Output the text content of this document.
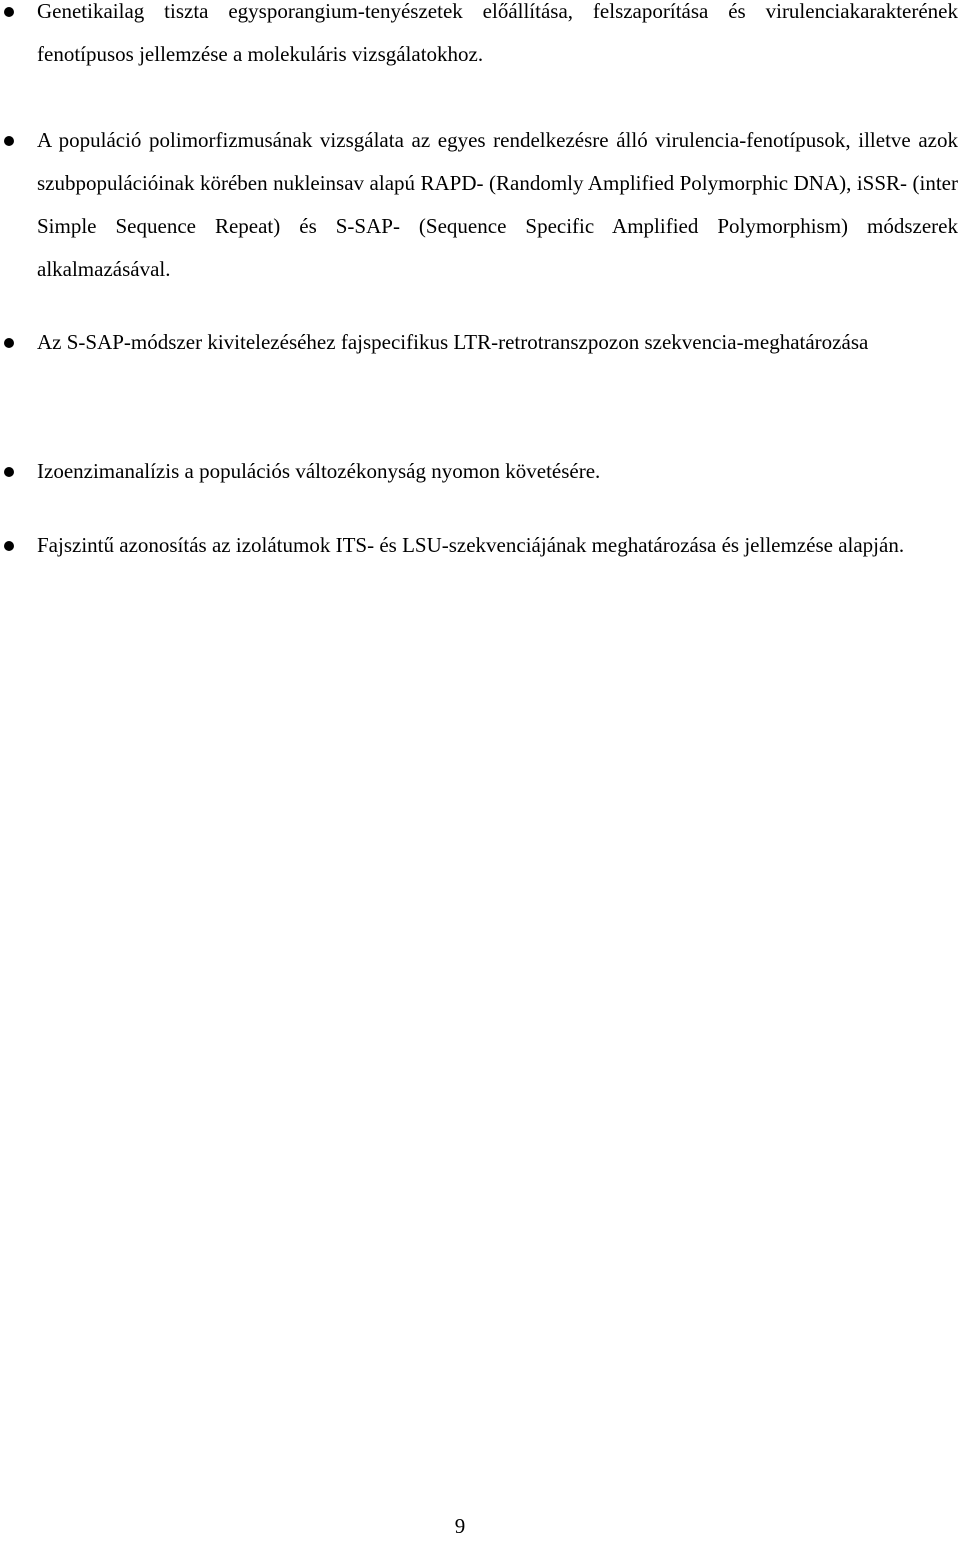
Genetikailag tiszta egysporangium-tenyészetek előállítása, felszaporítása és virulenciakarakterének fenotípusos jellemzése a molekuláris vizsgálatokhoz.

A populáció polimorfizmusának vizsgálata az egyes rendelkezésre álló virulencia-fenotípusok, illetve azok szubpopulációinak körében nukleinsav alapú RAPD- (Randomly Amplified Polymorphic DNA), iSSR- (inter Simple Sequence Repeat) és S-SAP- (Sequence Specific Amplified Polymorphism) módszerek alkalmazásával.

Az S-SAP-módszer kivitelezéséhez fajspecifikus LTR-retrotranszpozon szekvencia-meghatározása

Izoenzimanalízis a populációs változékonyság nyomon követésére.

Fajszintű azonosítás az izolátumok ITS- és LSU-szekvenciájának meghatározása és jellemzése alapján.

9
